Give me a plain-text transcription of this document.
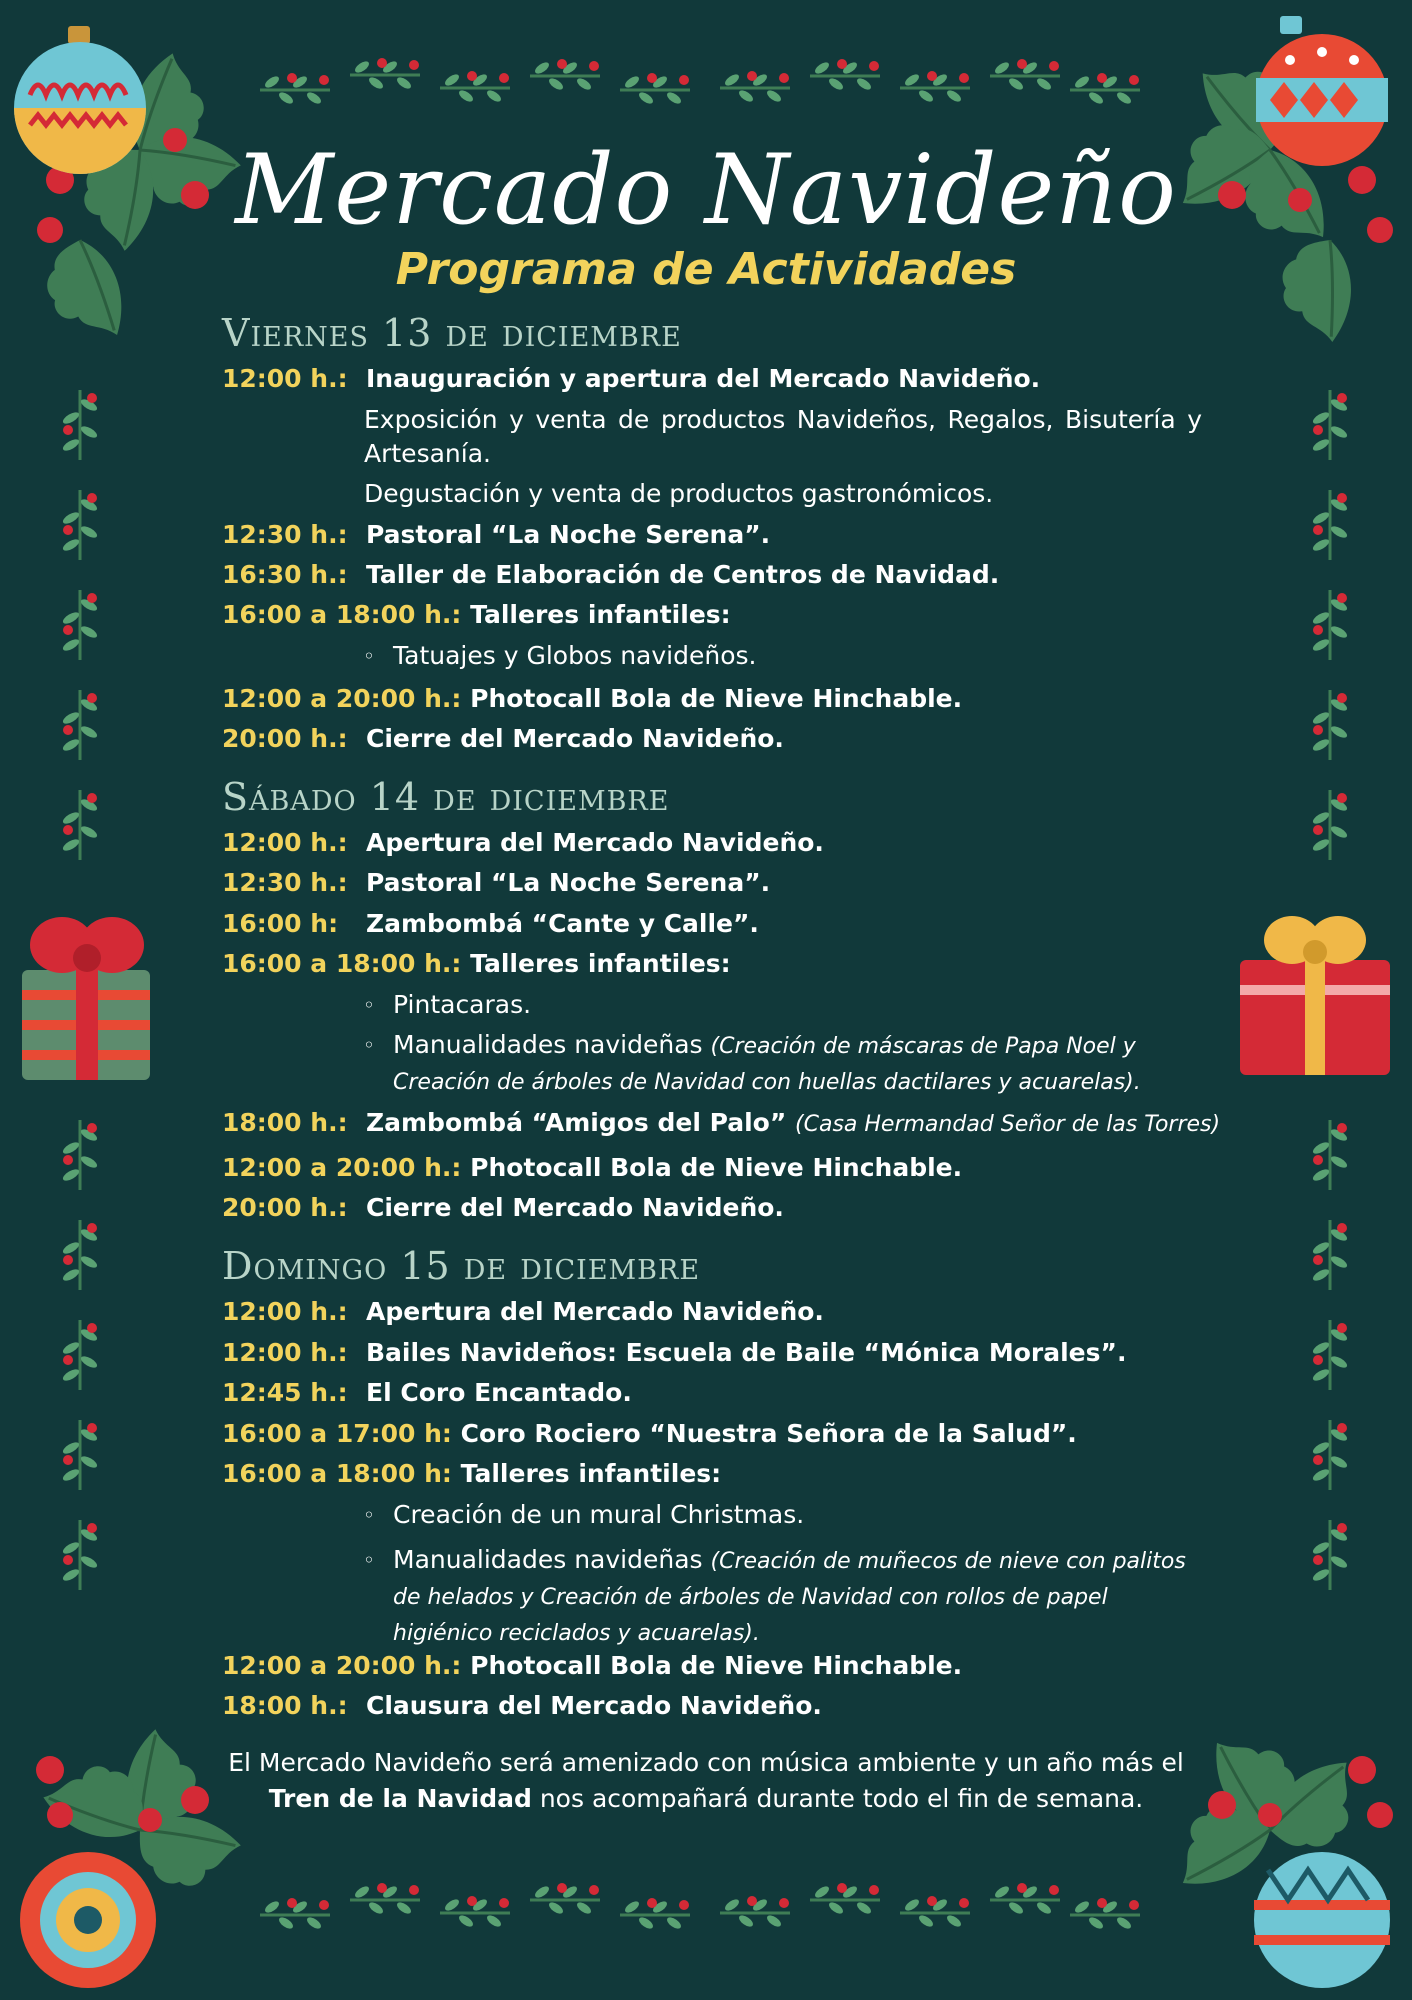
Mercado Navideño
Programa de Actividades
Viernes 13 de diciembre
12:00 h.: Inauguración y apertura del Mercado Navideño.
Exposición y venta de productos Navideños, Regalos, Bisutería y Artesanía.
Degustación y venta de productos gastronómicos.
12:30 h.: Pastoral “La Noche Serena”.
16:30 h.: Taller de Elaboración de Centros de Navidad.
16:00 a 18:00 h.: Talleres infantiles:
◦ Tatuajes y Globos navideños.
12:00 a 20:00 h.: Photocall Bola de Nieve Hinchable.
20:00 h.: Cierre del Mercado Navideño.
Sábado 14 de diciembre
12:00 h.: Apertura del Mercado Navideño.
12:30 h.: Pastoral “La Noche Serena”.
16:00 h: Zambombá “Cante y Calle”.
16:00 a 18:00 h.: Talleres infantiles:
◦ Pintacaras.
◦ Manualidades navideñas (Creación de máscaras de Papa Noel y Creación de árboles de Navidad con huellas dactilares y acuarelas).
18:00 h.: Zambombá “Amigos del Palo” (Casa Hermandad Señor de las Torres)
12:00 a 20:00 h.: Photocall Bola de Nieve Hinchable.
20:00 h.: Cierre del Mercado Navideño.
Domingo 15 de diciembre
12:00 h.: Apertura del Mercado Navideño.
12:00 h.: Bailes Navideños: Escuela de Baile “Mónica Morales”.
12:45 h.: El Coro Encantado.
16:00 a 17:00 h: Coro Rociero “Nuestra Señora de la Salud”.
16:00 a 18:00 h: Talleres infantiles:
◦ Creación de un mural Christmas.
◦ Manualidades navideñas (Creación de muñecos de nieve con palitos de helados y Creación de árboles de Navidad con rollos de papel higiénico reciclados y acuarelas).
12:00 a 20:00 h.: Photocall Bola de Nieve Hinchable.
18:00 h.: Clausura del Mercado Navideño.
El Mercado Navideño será amenizado con música ambiente y un año más el
Tren de la Navidad nos acompañará durante todo el fin de semana.
